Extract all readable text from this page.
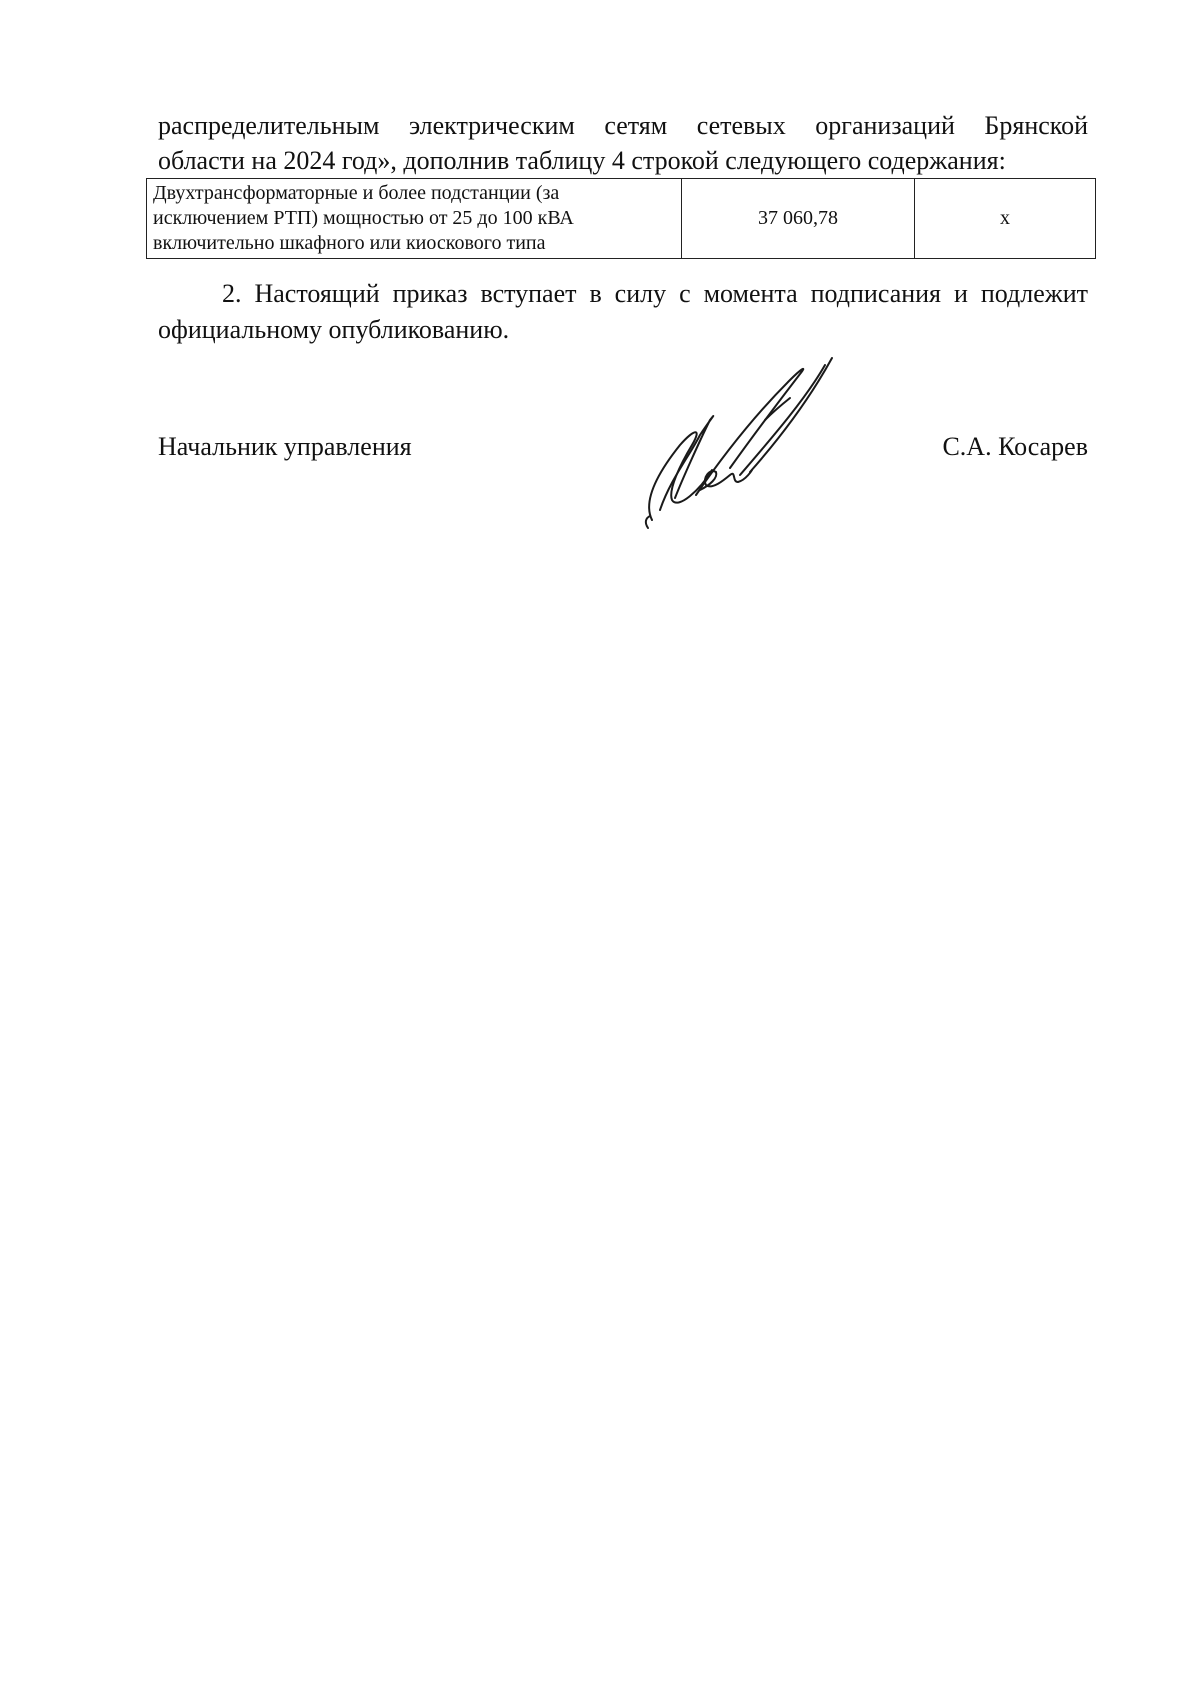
распределительным электрическим сетям сетевых организаций Брянской
области на 2024 год», дополнив таблицу 4 строкой следующего содержания:
Двухтрансформаторные и более подстанции (за
исключением РТП) мощностью от 25 до 100 кВА
включительно шкафного или киоскового типа
	37 060,78	х
2. Настоящий приказ вступает в силу с момента подписания и подлежит
официальному опубликованию.
Начальник управления	С.А. Косарев
